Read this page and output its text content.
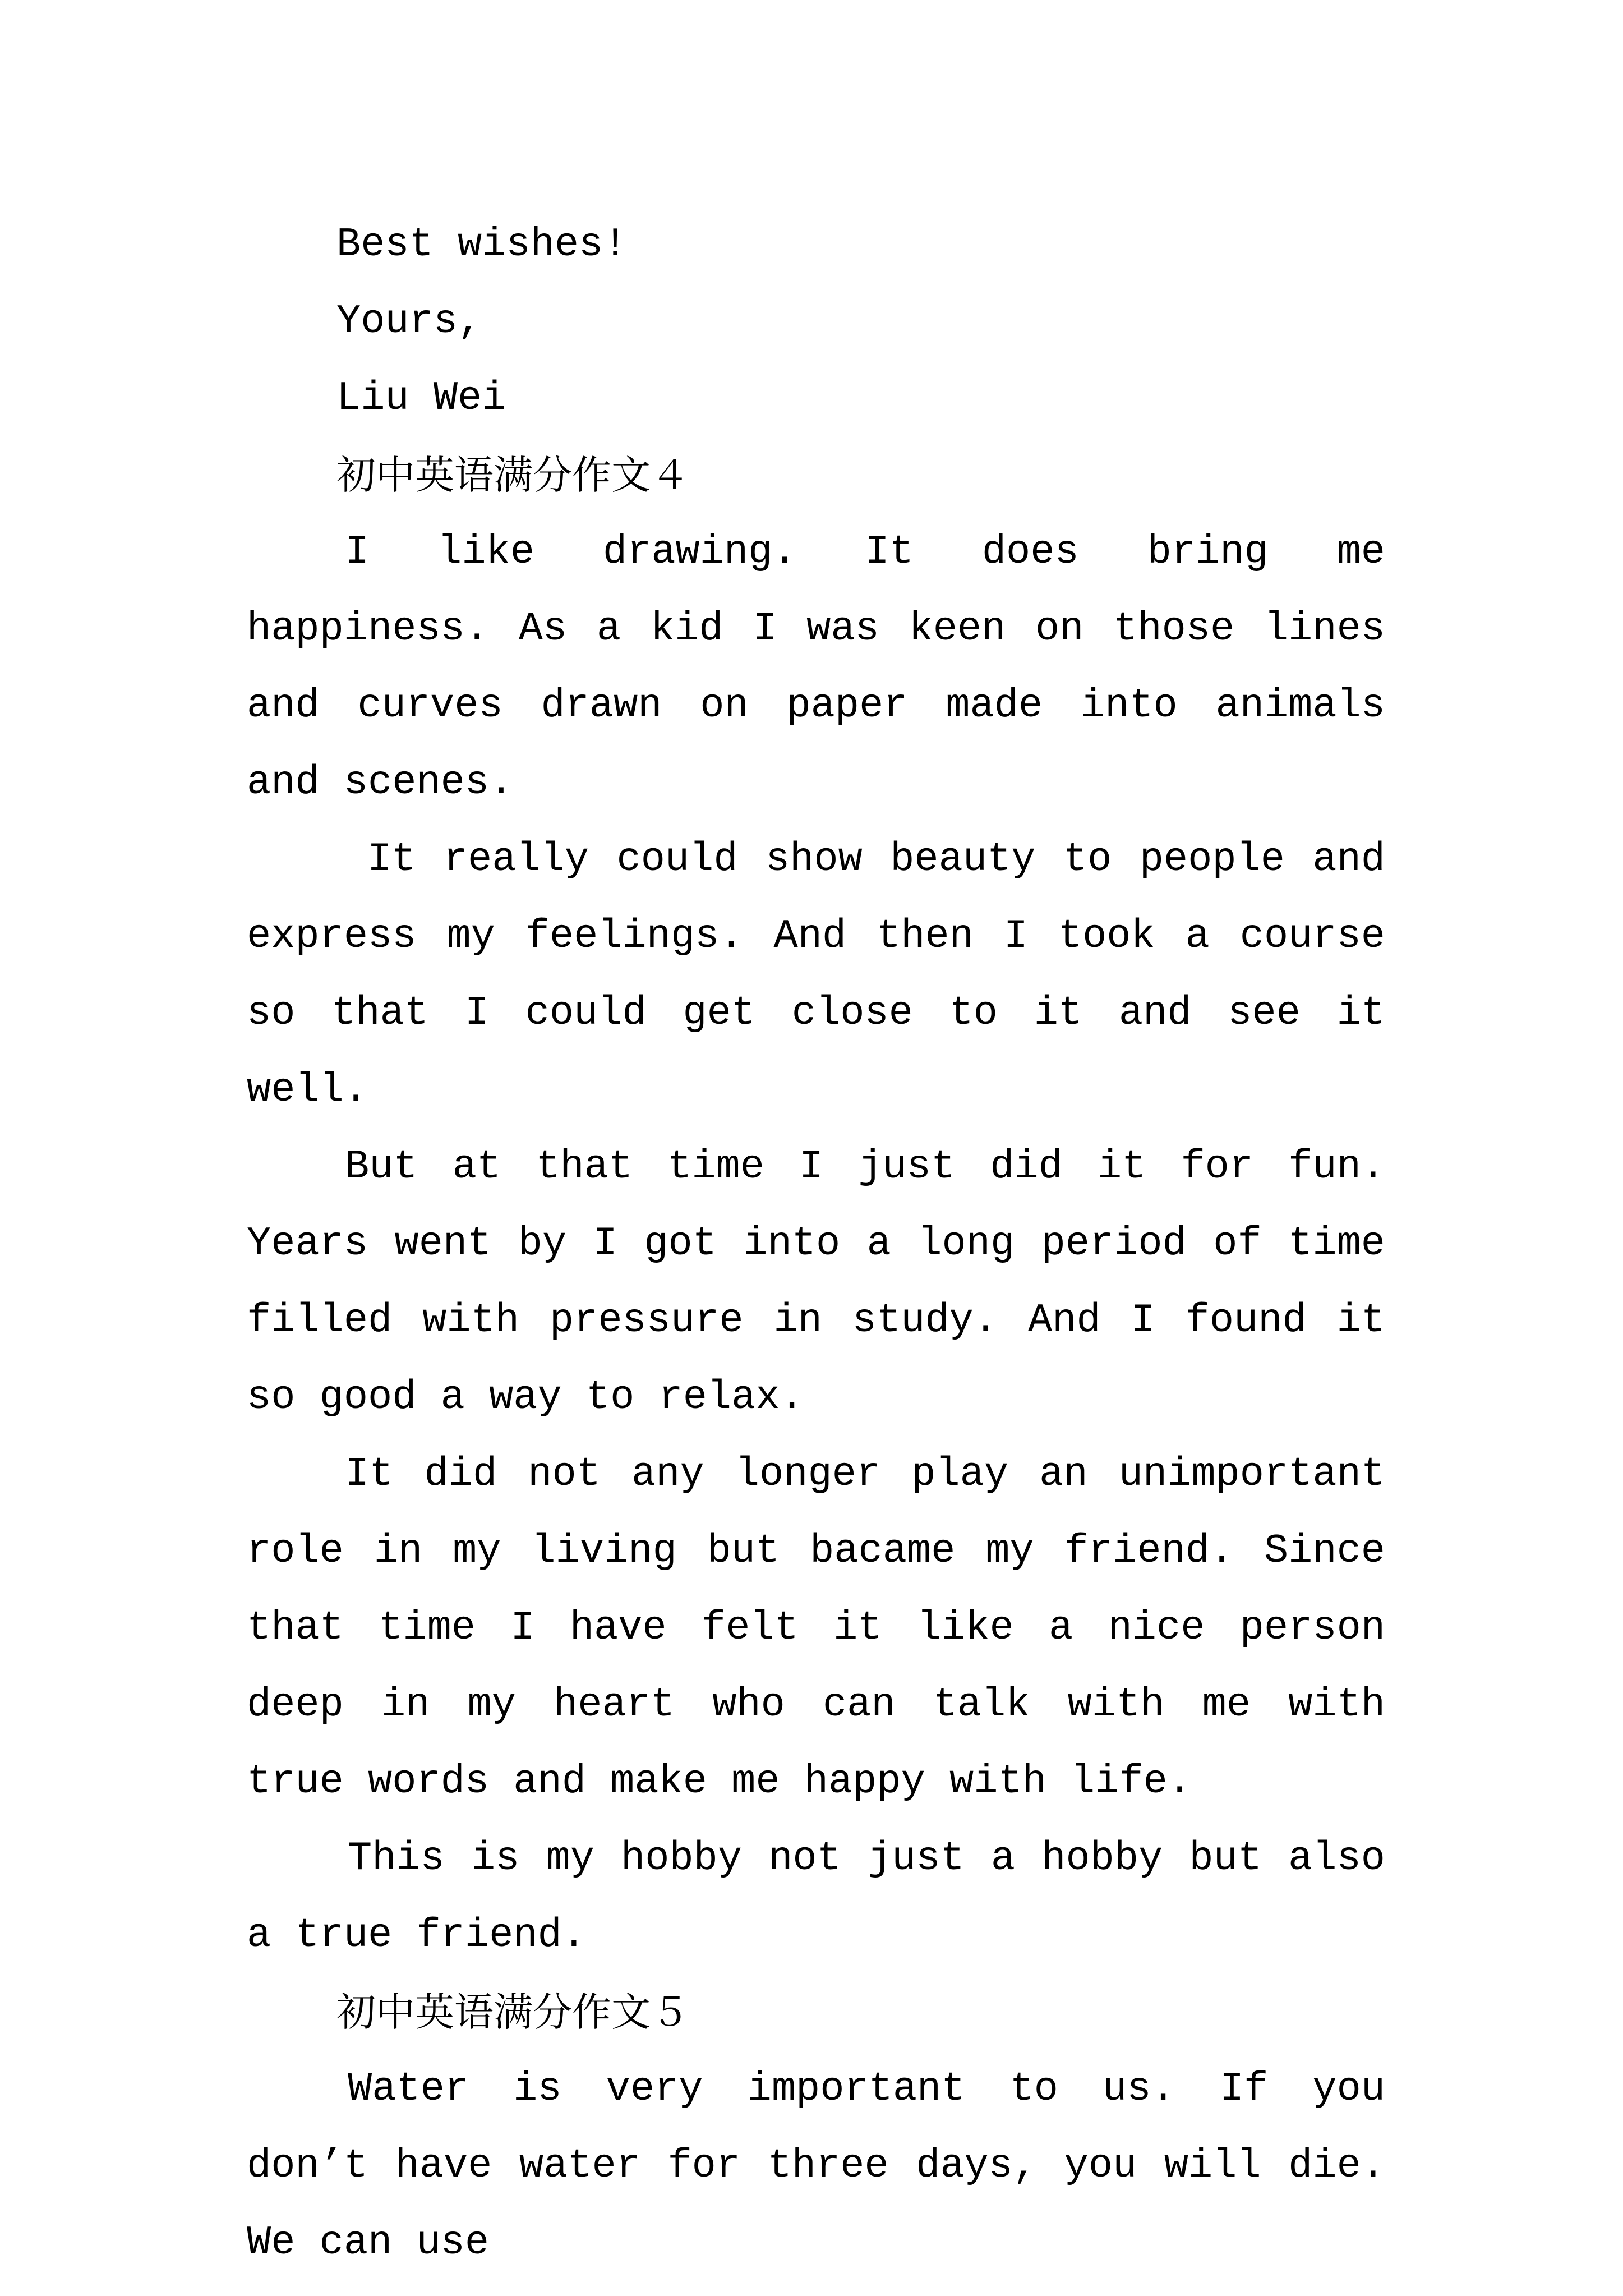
Best wishes!
Yours,
Liu Wei
初中英语满分作文４

I like drawing. It does bring me happiness. As a kid I was keen on those lines and curves drawn on paper made into animals and scenes.

It really could show beauty to people and express my feelings. And then I took a course so that I could get close to it and see it well.

But at that time I just did it for fun. Years went by I got into a long period of time filled with pressure in study. And I found it so good a way to relax.

It did not any longer play an unimportant role in my living but bacame my friend. Since that time I have felt it like a nice person deep in my heart who can talk with me with true words and make me happy with life.

This is my hobby not just a hobby but also a true friend.

初中英语满分作文５

Water is very important to us. If you don’t have water for three days, you will die. We can use
